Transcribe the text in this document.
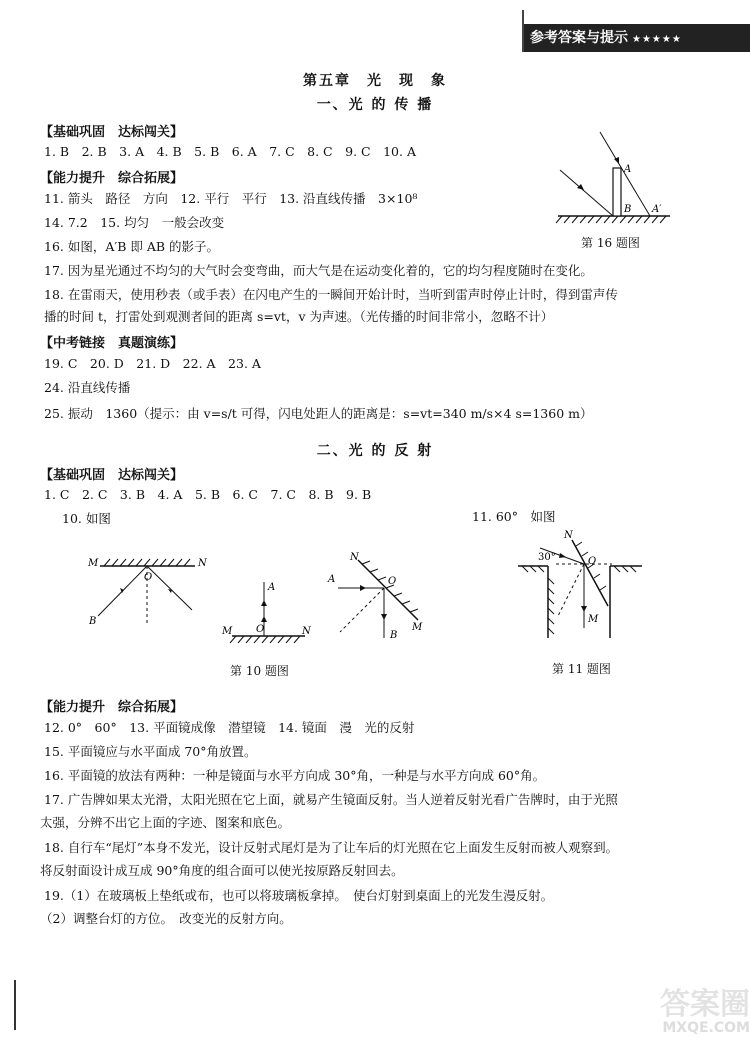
参考答案与提示 ★★★★★
第五章　光　现　象
一、光 的 传 播
【基础巩固　达标闯关】
1. B　2. B　3. A　4. B　5. B　6. A　7. C　8. C　9. C　10. A
【能力提升　综合拓展】
11. 箭头　路径　方向　12. 平行　平行　13. 沿直线传播　3×10⁸
14. 7.2　15. 均匀　一般会改变
16. 如图，A′B 即 AB 的影子。
17. 因为星光通过不均匀的大气时会变弯曲，而大气是在运动变化着的，它的均匀程度随时在变化。
18. 在雷雨天，使用秒表（或手表）在闪电产生的一瞬间开始计时，当听到雷声时停止计时，得到雷声传
播的时间 t，打雷处到观测者间的距离 s=vt，v 为声速。（光传播的时间非常小，忽略不计）
【中考链接　真题演练】
19. C　20. D　21. D　22. A　23. A
24. 沿直线传播
25. 振动　1360（提示：由 v=s/t 可得，闪电处距人的距离是：s=vt=340 m/s×4 s=1360 m）
A
B A′
第 16 题图
二、光 的 反 射
【基础巩固　达标闯关】
1. C　2. C　3. B　4. A　5. B　6. C　7. C　8. B　9. B
10. 如图	11. 60°　如图
M	N
O
B
A
M O	N
N
A	O
B
M
第 10 题图
N
30°	O
M
第 11 题图
【能力提升　综合拓展】
12. 0°　60°　13. 平面镜成像　潜望镜　14. 镜面　漫　光的反射
15. 平面镜应与水平面成 70°角放置。
16. 平面镜的放法有两种：一种是镜面与水平方向成 30°角，一种是与水平方向成 60°角。
17. 广告牌如果太光滑，太阳光照在它上面，就易产生镜面反射。当人逆着反射光看广告牌时，由于光照
太强，分辨不出它上面的字迹、图案和底色。
18. 自行车“尾灯”本身不发光，设计反射式尾灯是为了让车后的灯光照在它上面发生反射而被人观察到。
将反射面设计成互成 90°角度的组合面可以使光按原路反射回去。
19.（1）在玻璃板上垫纸或布，也可以将玻璃板拿掉。　使台灯射到桌面上的光发生漫反射。
（2）调整台灯的方位。　改变光的反射方向。
答案圈
MXQE.COM
